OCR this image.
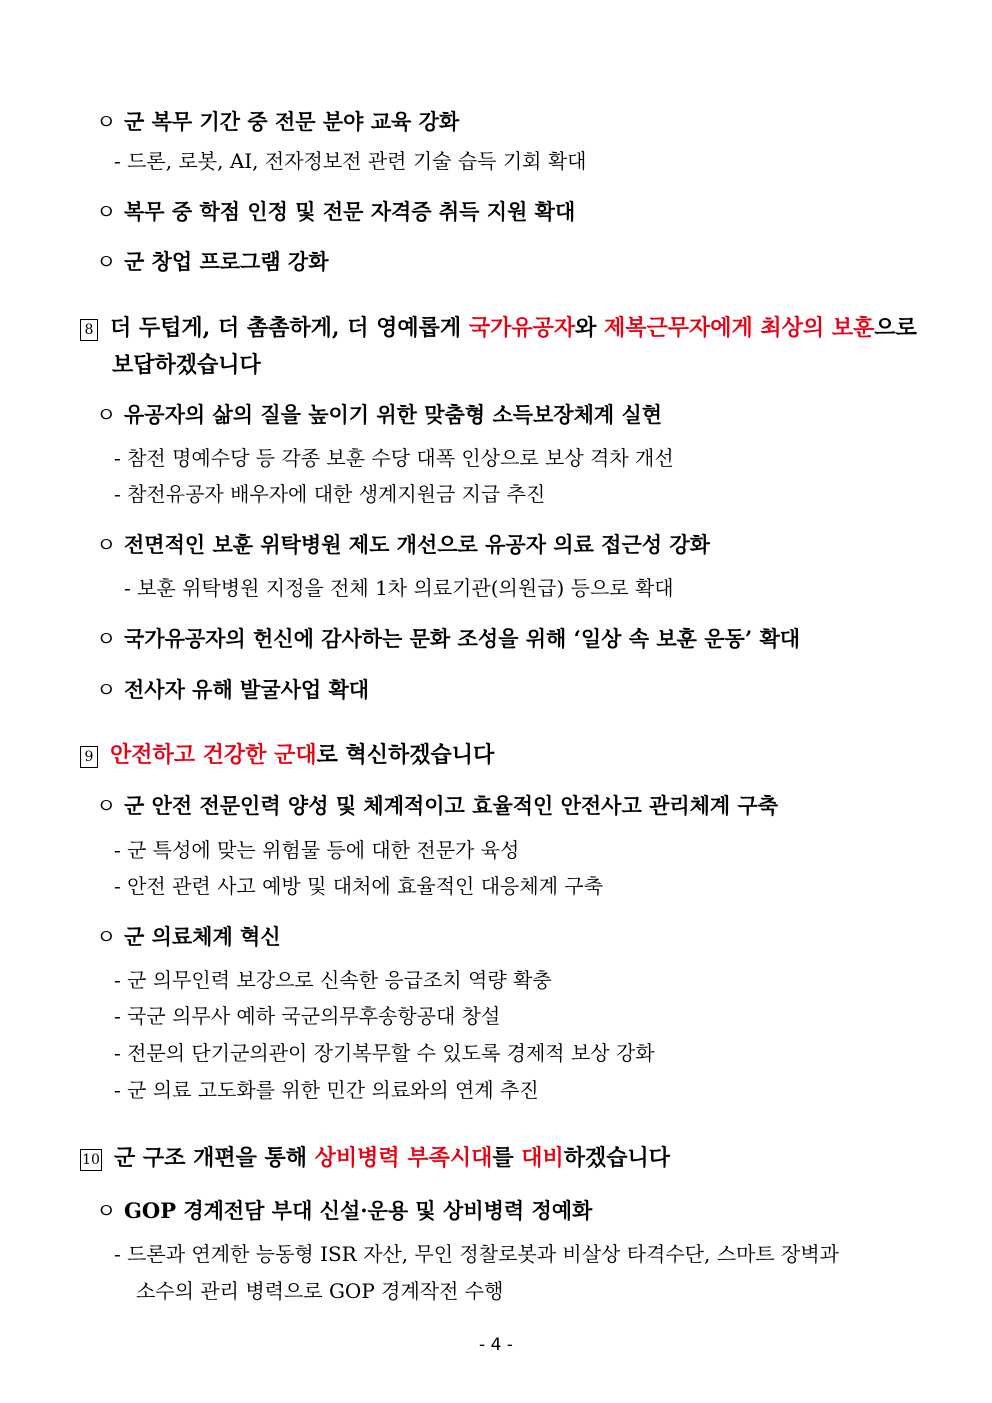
ㅇ 군 복무 기간 중 전문 분야 교육 강화
- 드론, 로봇, AI, 전자정보전 관련 기술 습득 기회 확대
ㅇ 복무 중 학점 인정 및 전문 자격증 취득 지원 확대
ㅇ 군 창업 프로그램 강화
8 더 두텁게, 더 촘촘하게, 더 영예롭게 국가유공자와 제복근무자에게 최상의 보훈으로
보답하겠습니다
ㅇ 유공자의 삶의 질을 높이기 위한 맞춤형 소득보장체계 실현
- 참전 명예수당 등 각종 보훈 수당 대폭 인상으로 보상 격차 개선
- 참전유공자 배우자에 대한 생계지원금 지급 추진
ㅇ 전면적인 보훈 위탁병원 제도 개선으로 유공자 의료 접근성 강화
- 보훈 위탁병원 지정을 전체 1차 의료기관(의원급) 등으로 확대
ㅇ 국가유공자의 헌신에 감사하는 문화 조성을 위해 ‘일상 속 보훈 운동’ 확대
ㅇ 전사자 유해 발굴사업 확대
9 안전하고 건강한 군대로 혁신하겠습니다
ㅇ 군 안전 전문인력 양성 및 체계적이고 효율적인 안전사고 관리체계 구축
- 군 특성에 맞는 위험물 등에 대한 전문가 육성
- 안전 관련 사고 예방 및 대처에 효율적인 대응체계 구축
ㅇ 군 의료체계 혁신
- 군 의무인력 보강으로 신속한 응급조치 역량 확충
- 국군 의무사 예하 국군의무후송항공대 창설
- 전문의 단기군의관이 장기복무할 수 있도록 경제적 보상 강화
- 군 의료 고도화를 위한 민간 의료와의 연계 추진
10 군 구조 개편을 통해 상비병력 부족시대를 대비하겠습니다
ㅇ GOP 경계전담 부대 신설·운용 및 상비병력 정예화
- 드론과 연계한 능동형 ISR 자산, 무인 정찰로봇과 비살상 타격수단, 스마트 장벽과
소수의 관리 병력으로 GOP 경계작전 수행
- 4 -
